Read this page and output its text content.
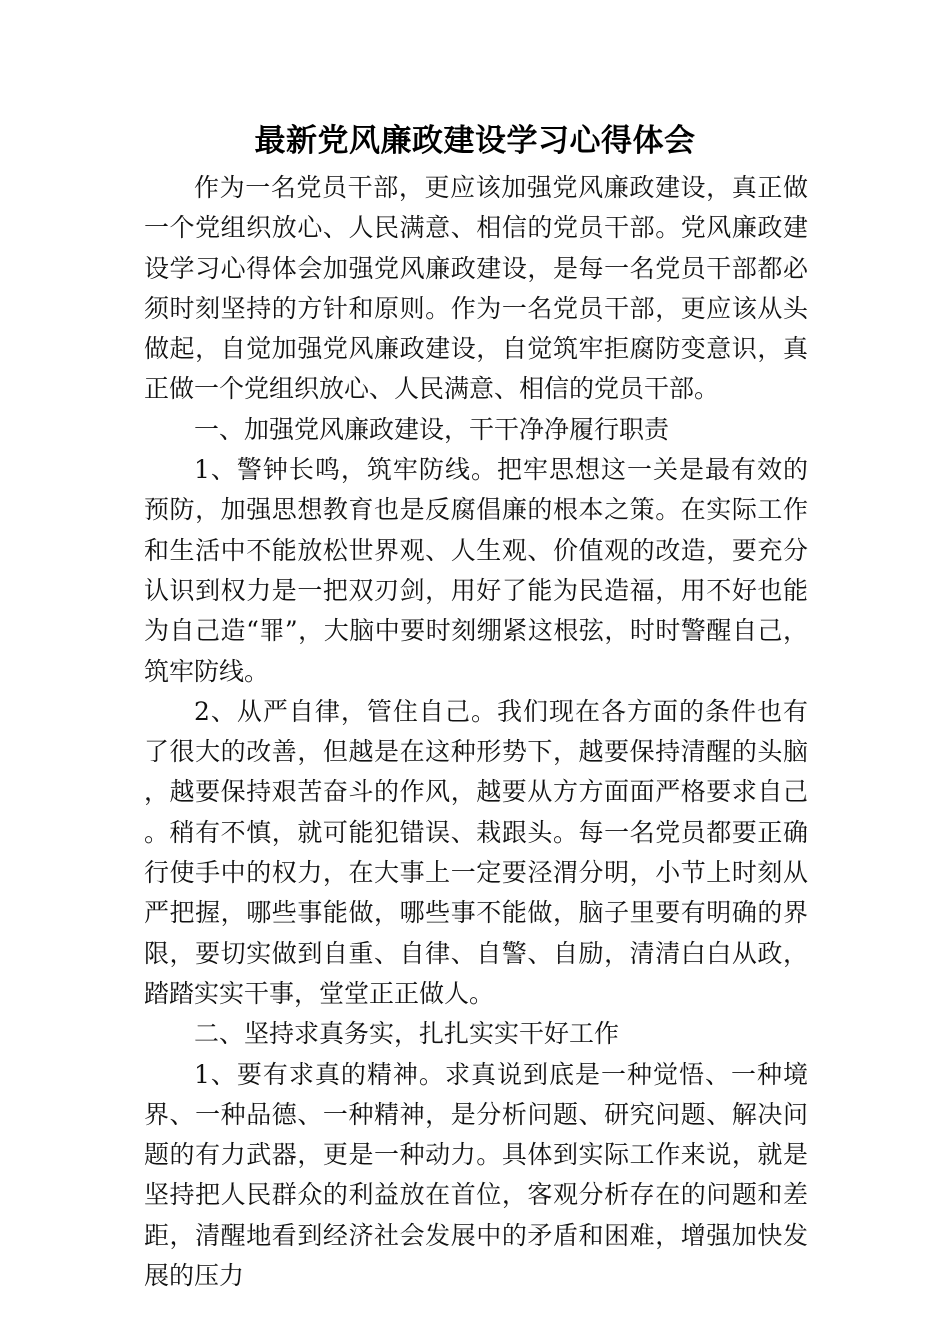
最新党风廉政建设学习心得体会

作为一名党员干部，更应该加强党风廉政建设，真正做一个党组织放心、人民满意、相信的党员干部。党风廉政建设学习心得体会加强党风廉政建设，是每一名党员干部都必须时刻坚持的方针和原则。作为一名党员干部，更应该从头做起，自觉加强党风廉政建设，自觉筑牢拒腐防变意识，真正做一个党组织放心、人民满意、相信的党员干部。

一、加强党风廉政建设，干干净净履行职责

1、警钟长鸣，筑牢防线。把牢思想这一关是最有效的预防，加强思想教育也是反腐倡廉的根本之策。在实际工作和生活中不能放松世界观、人生观、价值观的改造，要充分认识到权力是一把双刃剑，用好了能为民造福，用不好也能为自己造“罪”，大脑中要时刻绷紧这根弦，时时警醒自己，筑牢防线。

2、从严自律，管住自己。我们现在各方面的条件也有了很大的改善，但越是在这种形势下，越要保持清醒的头脑，越要保持艰苦奋斗的作风，越要从方方面面严格要求自己。稍有不慎，就可能犯错误、栽跟头。每一名党员都要正确行使手中的权力，在大事上一定要泾渭分明，小节上时刻从严把握，哪些事能做，哪些事不能做，脑子里要有明确的界限，要切实做到自重、自律、自警、自励，清清白白从政，踏踏实实干事，堂堂正正做人。

二、坚持求真务实，扎扎实实干好工作

1、要有求真的精神。求真说到底是一种觉悟、一种境界、一种品德、一种精神，是分析问题、研究问题、解决问题的有力武器，更是一种动力。具体到实际工作来说，就是坚持把人民群众的利益放在首位，客观分析存在的问题和差距，清醒地看到经济社会发展中的矛盾和困难，增强加快发展的压力
